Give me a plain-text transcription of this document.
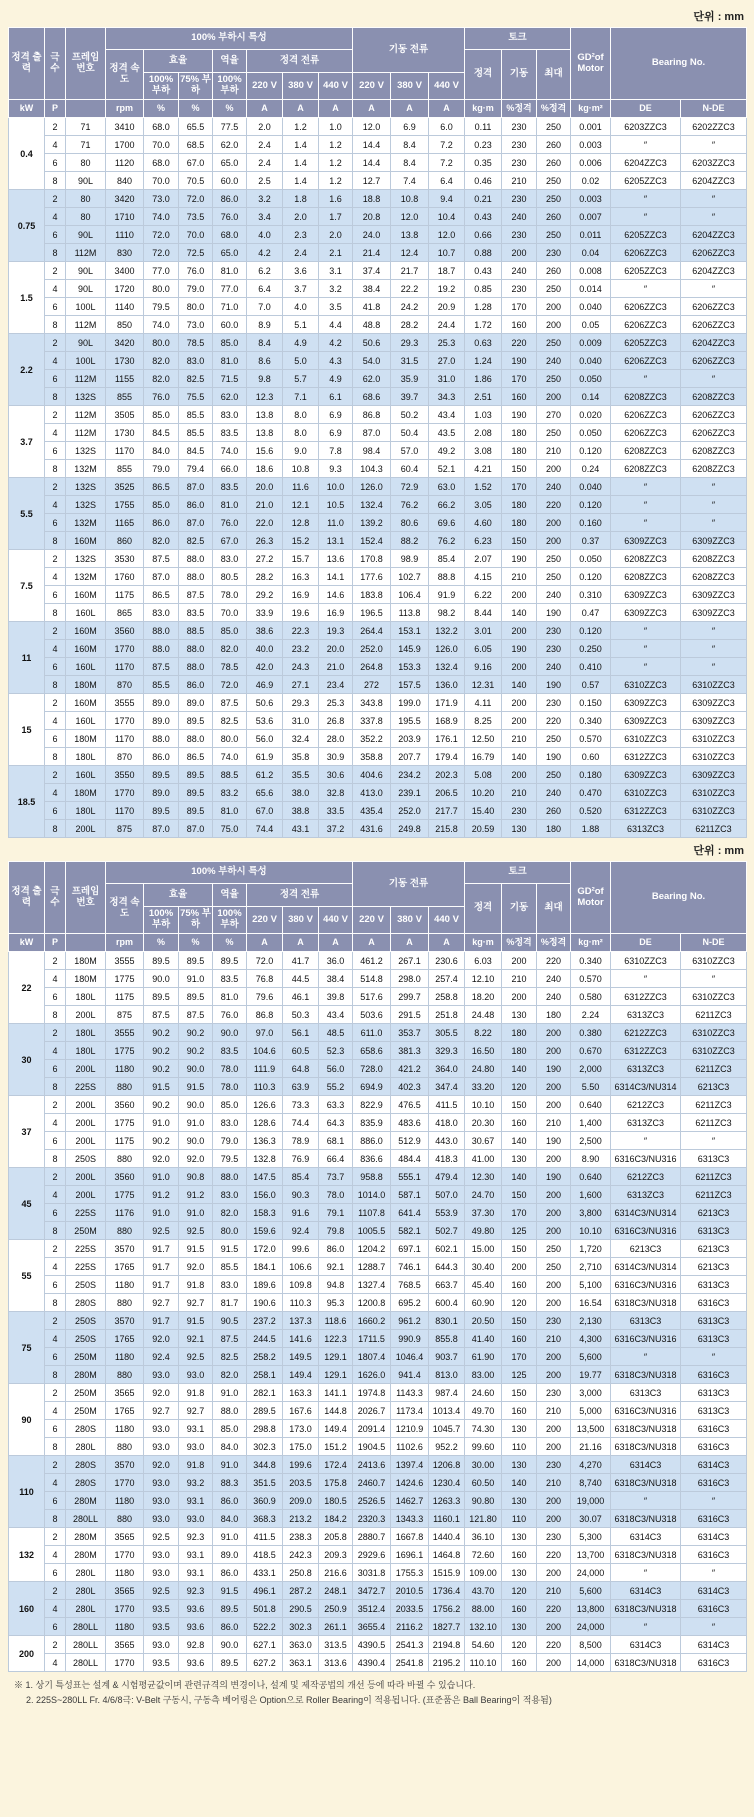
단위 : mm
정격 출력	극 수	프레임 번호	100% 부하시 특성							기동 전류			토크			GD²of Motor	Bearing No.	
			정격 속도	효율		역율	정격 전류						정격	기동	최대			
				100% 부하	75% 부하	100% 부하	220 V	380 V	440 V	220 V	380 V	440 V						
kW	P		rpm	%	%	%	A	A	A	A	A	A	kg·m	%정격	%정격	kg·m²	DE	N-DE
0.4	2	71	3410	68.0	65.5	77.5	2.0	1.2	1.0	12.0	6.9	6.0	0.11	230	250	0.001	6203ZZC3	6202ZZC3
	4	71	1700	70.0	68.5	62.0	2.4	1.4	1.2	14.4	8.4	7.2	0.23	230	260	0.003	″	″
	6	80	1120	68.0	67.0	65.0	2.4	1.4	1.2	14.4	8.4	7.2	0.35	230	260	0.006	6204ZZC3	6203ZZC3
	8	90L	840	70.0	70.5	60.0	2.5	1.4	1.2	12.7	7.4	6.4	0.46	210	250	0.02	6205ZZC3	6204ZZC3
0.75	2	80	3420	73.0	72.0	86.0	3.2	1.8	1.6	18.8	10.8	9.4	0.21	230	250	0.003	″	″
	4	80	1710	74.0	73.5	76.0	3.4	2.0	1.7	20.8	12.0	10.4	0.43	240	260	0.007	″	″
	6	90L	1110	72.0	70.0	68.0	4.0	2.3	2.0	24.0	13.8	12.0	0.66	230	250	0.011	6205ZZC3	6204ZZC3
	8	112M	830	72.0	72.5	65.0	4.2	2.4	2.1	21.4	12.4	10.7	0.88	200	230	0.04	6206ZZC3	6206ZZC3
1.5	2	90L	3400	77.0	76.0	81.0	6.2	3.6	3.1	37.4	21.7	18.7	0.43	240	260	0.008	6205ZZC3	6204ZZC3
	4	90L	1720	80.0	79.0	77.0	6.4	3.7	3.2	38.4	22.2	19.2	0.85	230	250	0.014	″	″
	6	100L	1140	79.5	80.0	71.0	7.0	4.0	3.5	41.8	24.2	20.9	1.28	170	200	0.040	6206ZZC3	6206ZZC3
	8	112M	850	74.0	73.0	60.0	8.9	5.1	4.4	48.8	28.2	24.4	1.72	160	200	0.05	6206ZZC3	6206ZZC3
2.2	2	90L	3420	80.0	78.5	85.0	8.4	4.9	4.2	50.6	29.3	25.3	0.63	220	250	0.009	6205ZZC3	6204ZZC3
	4	100L	1730	82.0	83.0	81.0	8.6	5.0	4.3	54.0	31.5	27.0	1.24	190	240	0.040	6206ZZC3	6206ZZC3
	6	112M	1155	82.0	82.5	71.5	9.8	5.7	4.9	62.0	35.9	31.0	1.86	170	250	0.050	″	″
	8	132S	855	76.0	75.5	62.0	12.3	7.1	6.1	68.6	39.7	34.3	2.51	160	200	0.14	6208ZZC3	6208ZZC3
3.7	2	112M	3505	85.0	85.5	83.0	13.8	8.0	6.9	86.8	50.2	43.4	1.03	190	270	0.020	6206ZZC3	6206ZZC3
	4	112M	1730	84.5	85.5	83.5	13.8	8.0	6.9	87.0	50.4	43.5	2.08	180	250	0.050	6206ZZC3	6206ZZC3
	6	132S	1170	84.0	84.5	74.0	15.6	9.0	7.8	98.4	57.0	49.2	3.08	180	210	0.120	6208ZZC3	6208ZZC3
	8	132M	855	79.0	79.4	66.0	18.6	10.8	9.3	104.3	60.4	52.1	4.21	150	200	0.24	6208ZZC3	6208ZZC3
5.5	2	132S	3525	86.5	87.0	83.5	20.0	11.6	10.0	126.0	72.9	63.0	1.52	170	240	0.040	″	″
	4	132S	1755	85.0	86.0	81.0	21.0	12.1	10.5	132.4	76.2	66.2	3.05	180	220	0.120	″	″
	6	132M	1165	86.0	87.0	76.0	22.0	12.8	11.0	139.2	80.6	69.6	4.60	180	200	0.160	″	″
	8	160M	860	82.0	82.5	67.0	26.3	15.2	13.1	152.4	88.2	76.2	6.23	150	200	0.37	6309ZZC3	6309ZZC3
7.5	2	132S	3530	87.5	88.0	83.0	27.2	15.7	13.6	170.8	98.9	85.4	2.07	190	250	0.050	6208ZZC3	6208ZZC3
	4	132M	1760	87.0	88.0	80.5	28.2	16.3	14.1	177.6	102.7	88.8	4.15	210	250	0.120	6208ZZC3	6208ZZC3
	6	160M	1175	86.5	87.5	78.0	29.2	16.9	14.6	183.8	106.4	91.9	6.22	200	240	0.310	6309ZZC3	6309ZZC3
	8	160L	865	83.0	83.5	70.0	33.9	19.6	16.9	196.5	113.8	98.2	8.44	140	190	0.47	6309ZZC3	6309ZZC3
11	2	160M	3560	88.0	88.5	85.0	38.6	22.3	19.3	264.4	153.1	132.2	3.01	200	230	0.120	″	″
	4	160M	1770	88.0	88.0	82.0	40.0	23.2	20.0	252.0	145.9	126.0	6.05	190	230	0.250	″	″
	6	160L	1170	87.5	88.0	78.5	42.0	24.3	21.0	264.8	153.3	132.4	9.16	200	240	0.410	″	″
	8	180M	870	85.5	86.0	72.0	46.9	27.1	23.4	272	157.5	136.0	12.31	140	190	0.57	6310ZZC3	6310ZZC3
15	2	160M	3555	89.0	89.0	87.5	50.6	29.3	25.3	343.8	199.0	171.9	4.11	200	230	0.150	6309ZZC3	6309ZZC3
	4	160L	1770	89.0	89.5	82.5	53.6	31.0	26.8	337.8	195.5	168.9	8.25	200	220	0.340	6309ZZC3	6309ZZC3
	6	180M	1170	88.0	88.0	80.0	56.0	32.4	28.0	352.2	203.9	176.1	12.50	210	250	0.570	6310ZZC3	6310ZZC3
	8	180L	870	86.0	86.5	74.0	61.9	35.8	30.9	358.8	207.7	179.4	16.79	140	190	0.60	6312ZZC3	6310ZZC3
18.5	2	160L	3550	89.5	89.5	88.5	61.2	35.5	30.6	404.6	234.2	202.3	5.08	200	250	0.180	6309ZZC3	6309ZZC3
	4	180M	1770	89.0	89.5	83.2	65.6	38.0	32.8	413.0	239.1	206.5	10.20	210	240	0.470	6310ZZC3	6310ZZC3
	6	180L	1170	89.5	89.5	81.0	67.0	38.8	33.5	435.4	252.0	217.7	15.40	230	260	0.520	6312ZZC3	6310ZZC3
	8	200L	875	87.0	87.0	75.0	74.4	43.1	37.2	431.6	249.8	215.8	20.59	130	180	1.88	6313ZC3	6211ZC3
단위 : mm
정격 출력	극 수	프레임 번호	100% 부하시 특성							기동 전류			토크			GD²of Motor	Bearing No.	
			정격 속도	효율		역율	정격 전류						정격	기동	최대			
				100% 부하	75% 부하	100% 부하	220 V	380 V	440 V	220 V	380 V	440 V						
kW	P		rpm	%	%	%	A	A	A	A	A	A	kg·m	%정격	%정격	kg·m²	DE	N-DE
22	2	180M	3555	89.5	89.5	89.5	72.0	41.7	36.0	461.2	267.1	230.6	6.03	200	220	0.340	6310ZZC3	6310ZZC3
	4	180M	1775	90.0	91.0	83.5	76.8	44.5	38.4	514.8	298.0	257.4	12.10	210	240	0.570	″	″
	6	180L	1175	89.5	89.5	81.0	79.6	46.1	39.8	517.6	299.7	258.8	18.20	200	240	0.580	6312ZZC3	6310ZZC3
	8	200L	875	87.5	87.5	76.0	86.8	50.3	43.4	503.6	291.5	251.8	24.48	130	180	2.24	6313ZC3	6211ZC3
30	2	180L	3555	90.2	90.2	90.0	97.0	56.1	48.5	611.0	353.7	305.5	8.22	180	200	0.380	6212ZZC3	6310ZZC3
	4	180L	1775	90.2	90.2	83.5	104.6	60.5	52.3	658.6	381.3	329.3	16.50	180	200	0.670	6312ZZC3	6310ZZC3
	6	200L	1180	90.2	90.0	78.0	111.9	64.8	56.0	728.0	421.2	364.0	24.80	140	190	2,000	6313ZC3	6211ZC3
	8	225S	880	91.5	91.5	78.0	110.3	63.9	55.2	694.9	402.3	347.4	33.20	120	200	5.50	6314C3/NU314	6213C3
37	2	200L	3560	90.2	90.0	85.0	126.6	73.3	63.3	822.9	476.5	411.5	10.10	150	200	0.640	6212ZC3	6211ZC3
	4	200L	1775	91.0	91.0	83.0	128.6	74.4	64.3	835.9	483.6	418.0	20.30	160	210	1,400	6313ZC3	6211ZC3
	6	200L	1175	90.2	90.0	79.0	136.3	78.9	68.1	886.0	512.9	443.0	30.67	140	190	2,500	″	″
	8	250S	880	92.0	92.0	79.5	132.8	76.9	66.4	836.6	484.4	418.3	41.00	130	200	8.90	6316C3/NU316	6313C3
45	2	200L	3560	91.0	90.8	88.0	147.5	85.4	73.7	958.8	555.1	479.4	12.30	140	190	0.640	6212ZC3	6211ZC3
	4	200L	1775	91.2	91.2	83.0	156.0	90.3	78.0	1014.0	587.1	507.0	24.70	150	200	1,600	6313ZC3	6211ZC3
	6	225S	1176	91.0	91.0	82.0	158.3	91.6	79.1	1107.8	641.4	553.9	37.30	170	200	3,800	6314C3/NU314	6213C3
	8	250M	880	92.5	92.5	80.0	159.6	92.4	79.8	1005.5	582.1	502.7	49.80	125	200	10.10	6316C3/NU316	6313C3
55	2	225S	3570	91.7	91.5	91.5	172.0	99.6	86.0	1204.2	697.1	602.1	15.00	150	250	1,720	6213C3	6213C3
	4	225S	1765	91.7	92.0	85.5	184.1	106.6	92.1	1288.7	746.1	644.3	30.40	200	250	2,710	6314C3/NU314	6213C3
	6	250S	1180	91.7	91.8	83.0	189.6	109.8	94.8	1327.4	768.5	663.7	45.40	160	200	5,100	6316C3/NU316	6313C3
	8	280S	880	92.7	92.7	81.7	190.6	110.3	95.3	1200.8	695.2	600.4	60.90	120	200	16.54	6318C3/NU318	6316C3
75	2	250S	3570	91.7	91.5	90.5	237.2	137.3	118.6	1660.2	961.2	830.1	20.50	150	230	2,130	6313C3	6313C3
	4	250S	1765	92.0	92.1	87.5	244.5	141.6	122.3	1711.5	990.9	855.8	41.40	160	210	4,300	6316C3/NU316	6313C3
	6	250M	1180	92.4	92.5	82.5	258.2	149.5	129.1	1807.4	1046.4	903.7	61.90	170	200	5,600	″	″
	8	280M	880	93.0	93.0	82.0	258.1	149.4	129.1	1626.0	941.4	813.0	83.00	125	200	19.77	6318C3/NU318	6316C3
90	2	250M	3565	92.0	91.8	91.0	282.1	163.3	141.1	1974.8	1143.3	987.4	24.60	150	230	3,000	6313C3	6313C3
	4	250M	1765	92.7	92.7	88.0	289.5	167.6	144.8	2026.7	1173.4	1013.4	49.70	160	210	5,000	6316C3/NU316	6313C3
	6	280S	1180	93.0	93.1	85.0	298.8	173.0	149.4	2091.4	1210.9	1045.7	74.30	130	200	13,500	6318C3/NU318	6316C3
	8	280L	880	93.0	93.0	84.0	302.3	175.0	151.2	1904.5	1102.6	952.2	99.60	110	200	21.16	6318C3/NU318	6316C3
110	2	280S	3570	92.0	91.8	91.0	344.8	199.6	172.4	2413.6	1397.4	1206.8	30.00	130	230	4,270	6314C3	6314C3
	4	280S	1770	93.0	93.2	88.3	351.5	203.5	175.8	2460.7	1424.6	1230.4	60.50	140	210	8,740	6318C3/NU318	6316C3
	6	280M	1180	93.0	93.1	86.0	360.9	209.0	180.5	2526.5	1462.7	1263.3	90.80	130	200	19,000	″	″
	8	280LL	880	93.0	93.0	84.0	368.3	213.2	184.2	2320.3	1343.3	1160.1	121.80	110	200	30.07	6318C3/NU318	6316C3
132	2	280M	3565	92.5	92.3	91.0	411.5	238.3	205.8	2880.7	1667.8	1440.4	36.10	130	230	5,300	6314C3	6314C3
	4	280M	1770	93.0	93.1	89.0	418.5	242.3	209.3	2929.6	1696.1	1464.8	72.60	160	220	13,700	6318C3/NU318	6316C3
	6	280L	1180	93.0	93.1	86.0	433.1	250.8	216.6	3031.8	1755.3	1515.9	109.00	130	200	24,000	″	″
160	2	280L	3565	92.5	92.3	91.5	496.1	287.2	248.1	3472.7	2010.5	1736.4	43.70	120	210	5,600	6314C3	6314C3
	4	280L	1770	93.5	93.6	89.5	501.8	290.5	250.9	3512.4	2033.5	1756.2	88.00	160	220	13,800	6318C3/NU318	6316C3
	6	280LL	1180	93.5	93.6	86.0	522.2	302.3	261.1	3655.4	2116.2	1827.7	132.10	130	200	24,000	″	″
200	2	280LL	3565	93.0	92.8	90.0	627.1	363.0	313.5	4390.5	2541.3	2194.8	54.60	120	220	8,500	6314C3	6314C3
	4	280LL	1770	93.5	93.6	89.5	627.2	363.1	313.6	4390.4	2541.8	2195.2	110.10	160	200	14,000	6318C3/NU318	6316C3
※ 1. 상기 특성표는 설계 & 시험평균값이며 관련규격의 변경이나, 설계 및 제작공법의 개선 등에 따라 바뀔 수 있습니다.
2. 225S~280LL Fr. 4/6/8극: V-Belt 구동시, 구동측 베어링은 Option으로 Roller Bearing이 적용됩니다. (표준품은 Ball Bearing이 적용됨)
